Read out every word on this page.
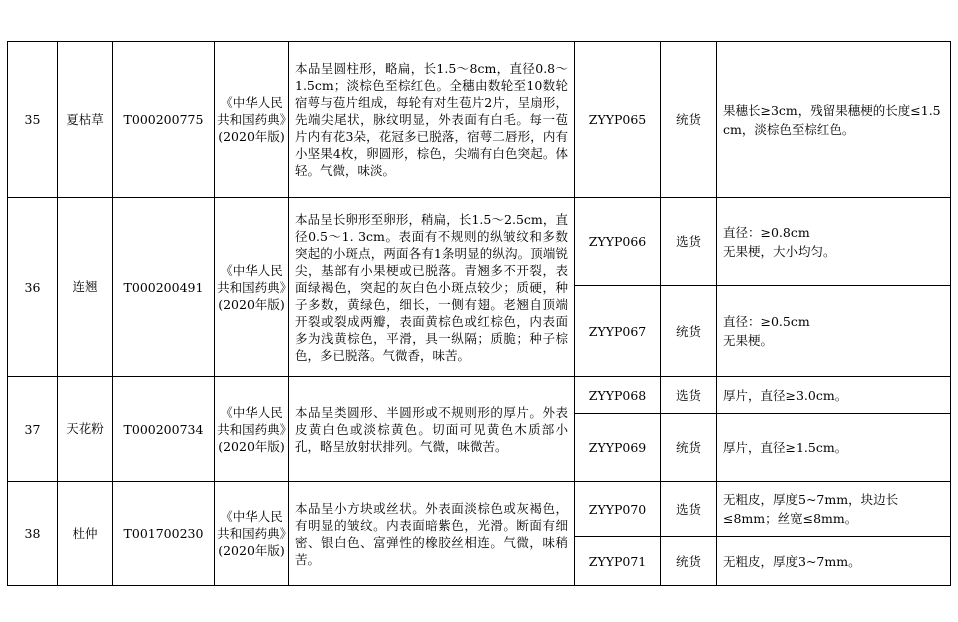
35	夏枯草	T000200775	《中华人民共和国药典》(2020年版)	本品呈圆柱形，略扁，长1.5～8cm，直径0.8～1.5cm；淡棕色至棕红色。全穗由数轮至10数轮宿萼与苞片组成，每轮有对生苞片2片，呈扇形，先端尖尾状，脉纹明显，外表面有白毛。每一苞片内有花3朵，花冠多已脱落，宿萼二唇形，内有小坚果4枚，卵圆形，棕色，尖端有白色突起。体轻。气微，味淡。	ZYYP065	统货	果穗长≥3cm，残留果穗梗的长度≤1.5 cm，淡棕色至棕红色。
36	连翘	T000200491	《中华人民共和国药典》(2020年版)	本品呈长卵形至卵形，稍扁，长1.5～2.5cm，直径0.5～1. 3cm。表面有不规则的纵皱纹和多数突起的小斑点，两面各有1条明显的纵沟。顶端锐尖，基部有小果梗或已脱落。青翘多不开裂，表面绿褐色，突起的灰白色小斑点较少；质硬，种子多数，黄绿色，细长，一侧有翅。老翘自顶端开裂或裂成两瓣，表面黄棕色或红棕色，内表面多为浅黄棕色，平滑，具一纵隔；质脆；种子棕色，多已脱落。气微香，味苦。	ZYYP066	选货	直径：≥0.8cm
无果梗，大小均匀。
					ZYYP067	统货	直径：≥0.5cm
无果梗。
37	天花粉	T000200734	《中华人民共和国药典》(2020年版)	本品呈类圆形、半圆形或不规则形的厚片。外表皮黄白色或淡棕黄色。切面可见黄色木质部小孔，略呈放射状排列。气微，味微苦。	ZYYP068	选货	厚片，直径≥3.0cm。
					ZYYP069	统货	厚片，直径≥1.5cm。
38	杜仲	T001700230	《中华人民共和国药典》(2020年版)	本品呈小方块或丝状。外表面淡棕色或灰褐色，有明显的皱纹。内表面暗紫色，光滑。断面有细密、银白色、富弹性的橡胶丝相连。气微，味稍苦。	ZYYP070	选货	无粗皮，厚度5~7mm，块边长≤8mm；丝宽≤8mm。
					ZYYP071	统货	无粗皮，厚度3~7mm。
